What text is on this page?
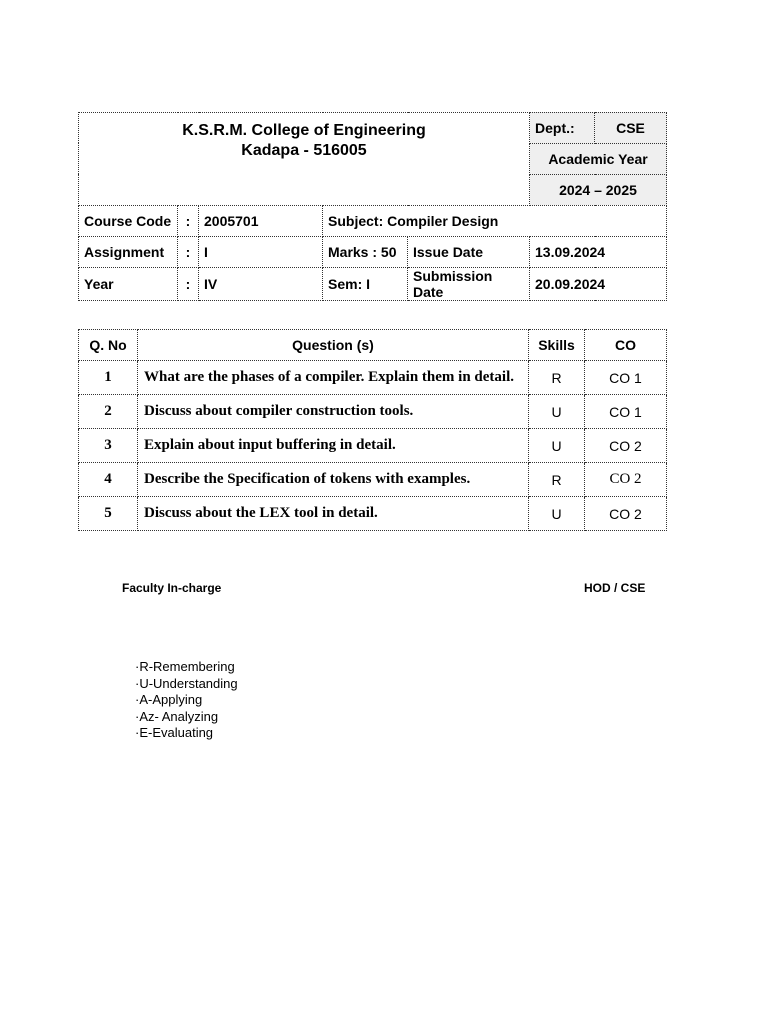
K.S.R.M. College of Engineering
Kadapa - 516005					Dept.:	CSE
					Academic Year	
					2024 – 2025	
Course Code	:	2005701	Subject: Compiler Design			
Assignment	:	I	Marks : 50	Issue Date	13.09.2024	
Year	:	IV	Sem: I	Submission Date	20.09.2024	
Q. No	Question (s)	Skills	CO
1	What are the phases of a compiler. Explain them in detail.	R	CO 1
2	Discuss about compiler construction tools.	U	CO 1
3	Explain about input buffering in detail.	U	CO 2
4	Describe the Specification of tokens with examples.	R	CO 2
5	Discuss about the LEX tool in detail.	U	CO 2
Faculty In-charge	HOD / CSE
·R-Remembering
·U-Understanding
·A-Applying
·Az- Analyzing
·E-Evaluating
